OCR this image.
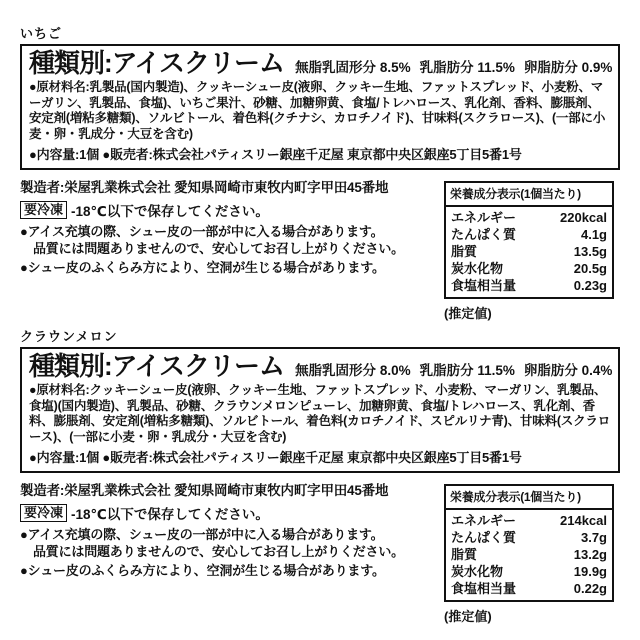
いちご
種類別:アイスクリーム 無脂乳固形分 8.5% 乳脂肪分 11.5% 卵脂肪分 0.9%
●原材料名:乳製品(国内製造)、クッキーシュー皮(液卵、クッキー生地、ファットスプレッド、小麦粉、マーガリン、乳製品、食塩)、いちご果汁、砂糖、加糖卵黄、食塩/トレハロース、乳化剤、香料、膨脹剤、安定剤(増粘多糖類)、ソルビトール、着色料(クチナシ、カロチノイド)、甘味料(スクラロース)、(一部に小麦・卵・乳成分・大豆を含む)
●内容量:1個 ●販売者:株式会社パティスリー銀座千疋屋 東京都中央区銀座5丁目5番1号
製造者:栄屋乳業株式会社 愛知県岡崎市東牧内町字甲田45番地
要冷凍 -18℃以下で保存してください。
●アイス充填の際、シュー皮の一部が中に入る場合があります。
品質には問題ありませんので、安心してお召し上がりください。
●シュー皮のふくらみ方により、空洞が生じる場合があります。
栄養成分表示(1個当たり)
エネルギー	220kcal
たんぱく質	4.1g
脂質	13.5g
炭水化物	20.5g
食塩相当量	0.23g
(推定値)
クラウンメロン
種類別:アイスクリーム 無脂乳固形分 8.0% 乳脂肪分 11.5% 卵脂肪分 0.4%
●原材料名:クッキーシュー皮(液卵、クッキー生地、ファットスプレッド、小麦粉、マーガリン、乳製品、食塩)(国内製造)、乳製品、砂糖、クラウンメロンピューレ、加糖卵黄、食塩/トレハロース、乳化剤、香料、膨脹剤、安定剤(増粘多糖類)、ソルビトール、着色料(カロチノイド、スピルリナ青)、甘味料(スクラロース)、(一部に小麦・卵・乳成分・大豆を含む)
●内容量:1個 ●販売者:株式会社パティスリー銀座千疋屋 東京都中央区銀座5丁目5番1号
製造者:栄屋乳業株式会社 愛知県岡崎市東牧内町字甲田45番地
要冷凍 -18℃以下で保存してください。
●アイス充填の際、シュー皮の一部が中に入る場合があります。
品質には問題ありませんので、安心してお召し上がりください。
●シュー皮のふくらみ方により、空洞が生じる場合があります。
栄養成分表示(1個当たり)
エネルギー	214kcal
たんぱく質	3.7g
脂質	13.2g
炭水化物	19.9g
食塩相当量	0.22g
(推定値)
